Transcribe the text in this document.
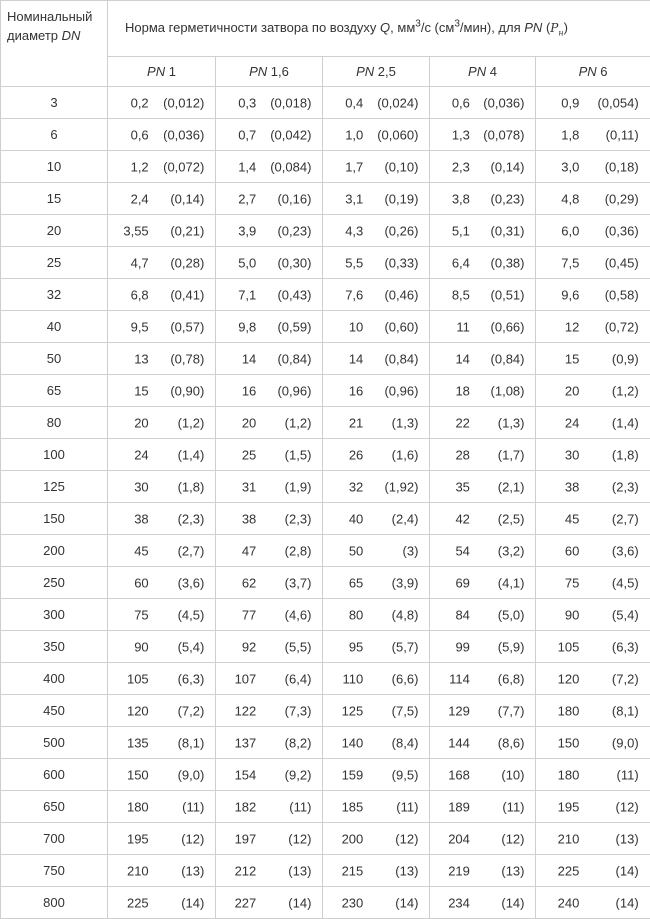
Номинальный
диаметр DN	Норма герметичности затвора по воздуху Q, $мм^3/с$ $(см^3/мин)$, для PN $(P_н)$				
	PN 1	PN 1,6	PN 2,5	PN 4	PN 6
3	0,2 (0,012)	0,3 (0,018)	0,4 (0,024)	0,6 (0,036)	0,9 (0,054)

6	0,6 (0,036)	0,7 (0,042)	1,0 (0,060)	1,3 (0,078)	1,8 (0,11)

10	1,2 (0,072)	1,4 (0,084)	1,7 (0,10)	2,3 (0,14)	3,0 (0,18)

15	2,4 (0,14)	2,7 (0,16)	3,1 (0,19)	3,8 (0,23)	4,8 (0,29)

20	3,55 (0,21)	3,9 (0,23)	4,3 (0,26)	5,1 (0,31)	6,0 (0,36)

25	4,7 (0,28)	5,0 (0,30)	5,5 (0,33)	6,4 (0,38)	7,5 (0,45)

32	6,8 (0,41)	7,1 (0,43)	7,6 (0,46)	8,5 (0,51)	9,6 (0,58)

40	9,5 (0,57)	9,8 (0,59)	10 (0,60)	11 (0,66)	12 (0,72)

50	13 (0,78)	14 (0,84)	14 (0,84)	14 (0,84)	15 (0,9)

65	15 (0,90)	16 (0,96)	16 (0,96)	18 (1,08)	20 (1,2)

80	20 (1,2)	20 (1,2)	21 (1,3)	22 (1,3)	24 (1,4)

100	24 (1,4)	25 (1,5)	26 (1,6)	28 (1,7)	30 (1,8)

125	30 (1,8)	31 (1,9)	32 (1,92)	35 (2,1)	38 (2,3)

150	38 (2,3)	38 (2,3)	40 (2,4)	42 (2,5)	45 (2,7)

200	45 (2,7)	47 (2,8)	50 (3)	54 (3,2)	60 (3,6)

250	60 (3,6)	62 (3,7)	65 (3,9)	69 (4,1)	75 (4,5)

300	75 (4,5)	77 (4,6)	80 (4,8)	84 (5,0)	90 (5,4)

350	90 (5,4)	92 (5,5)	95 (5,7)	99 (5,9)	105 (6,3)

400	105 (6,3)	107 (6,4)	110 (6,6)	114 (6,8)	120 (7,2)

450	120 (7,2)	122 (7,3)	125 (7,5)	129 (7,7)	180 (8,1)

500	135 (8,1)	137 (8,2)	140 (8,4)	144 (8,6)	150 (9,0)

600	150 (9,0)	154 (9,2)	159 (9,5)	168 (10)	180 (11)

650	180 (11)	182 (11)	185 (11)	189 (11)	195 (12)

700	195 (12)	197 (12)	200 (12)	204 (12)	210 (13)

750	210 (13)	212 (13)	215 (13)	219 (13)	225 (14)

800	225 (14)	227 (14)	230 (14)	234 (14)	240 (14)
